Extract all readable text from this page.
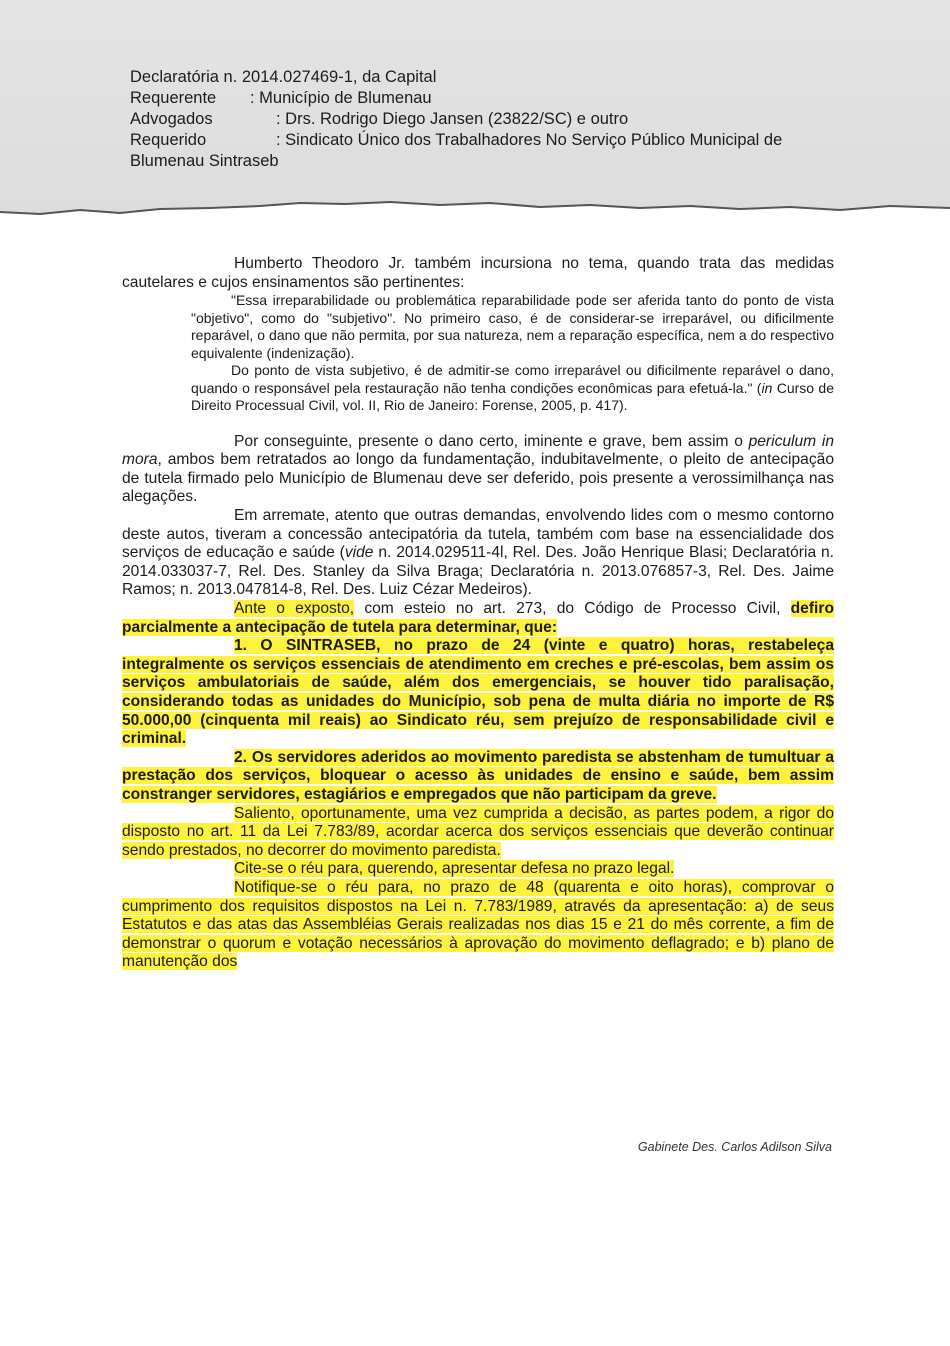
Declaratória n. 2014.027469-1, da Capital
Requerente : Município de Blumenau
Advogados	: Drs. Rodrigo Diego Jansen (23822/SC) e outro
Requerido	: Sindicato Único dos Trabalhadores No Serviço Público Municipal de
Blumenau Sintraseb

Humberto Theodoro Jr. também incursiona no tema, quando trata das medidas cautelares e cujos ensinamentos são pertinentes:

"Essa irreparabilidade ou problemática reparabilidade pode ser aferida tanto do ponto de vista "objetivo", como do "subjetivo". No primeiro caso, é de considerar-se irreparável, ou dificilmente reparável, o dano que não permita, por sua natureza, nem a reparação específica, nem a do respectivo equivalente (indenização).

Do ponto de vista subjetivo, é de admitir-se como irreparável ou dificilmente reparável o dano, quando o responsável pela restauração não tenha condições econômicas para efetuá-la." (in Curso de Direito Processual Civil, vol. II, Rio de Janeiro: Forense, 2005, p. 417).

Por conseguinte, presente o dano certo, iminente e grave, bem assim o periculum in mora, ambos bem retratados ao longo da fundamentação, indubitavelmente, o pleito de antecipação de tutela firmado pelo Município de Blumenau deve ser deferido, pois presente a verossimilhança nas alegações.

Em arremate, atento que outras demandas, envolvendo lides com o mesmo contorno deste autos, tiveram a concessão antecipatória da tutela, também com base na essencialidade dos serviços de educação e saúde (vide n. 2014.029511-4l, Rel. Des. João Henrique Blasi; Declaratória n. 2014.033037-7, Rel. Des. Stanley da Silva Braga; Declaratória n. 2013.076857-3, Rel. Des. Jaime Ramos; n. 2013.047814-8, Rel. Des. Luiz Cézar Medeiros).

Ante o exposto, com esteio no art. 273, do Código de Processo Civil, defiro parcialmente a antecipação de tutela para determinar, que:

1. O SINTRASEB, no prazo de 24 (vinte e quatro) horas, restabeleça integralmente os serviços essenciais de atendimento em creches e pré-escolas, bem assim os serviços ambulatoriais de saúde, além dos emergenciais, se houver tido paralisação, considerando todas as unidades do Município, sob pena de multa diária no importe de R$ 50.000,00 (cinquenta mil reais) ao Sindicato réu, sem prejuízo de responsabilidade civil e criminal.

2. Os servidores aderidos ao movimento paredista se abstenham de tumultuar a prestação dos serviços, bloquear o acesso às unidades de ensino e saúde, bem assim constranger servidores, estagiários e empregados que não participam da greve.

Saliento, oportunamente, uma vez cumprida a decisão, as partes podem, a rigor do disposto no art. 11 da Lei 7.783/89, acordar acerca dos serviços essenciais que deverão continuar sendo prestados, no decorrer do movimento paredista.

Cite-se o réu para, querendo, apresentar defesa no prazo legal.

Notifique-se o réu para, no prazo de 48 (quarenta e oito horas), comprovar o cumprimento dos requisitos dispostos na Lei n. 7.783/1989, através da apresentação: a) de seus Estatutos e das atas das Assembléias Gerais realizadas nos dias 15 e 21 do mês corrente, a fim de demonstrar o quorum e votação necessários à aprovação do movimento deflagrado; e b) plano de manutenção dos

Gabinete Des. Carlos Adilson Silva
